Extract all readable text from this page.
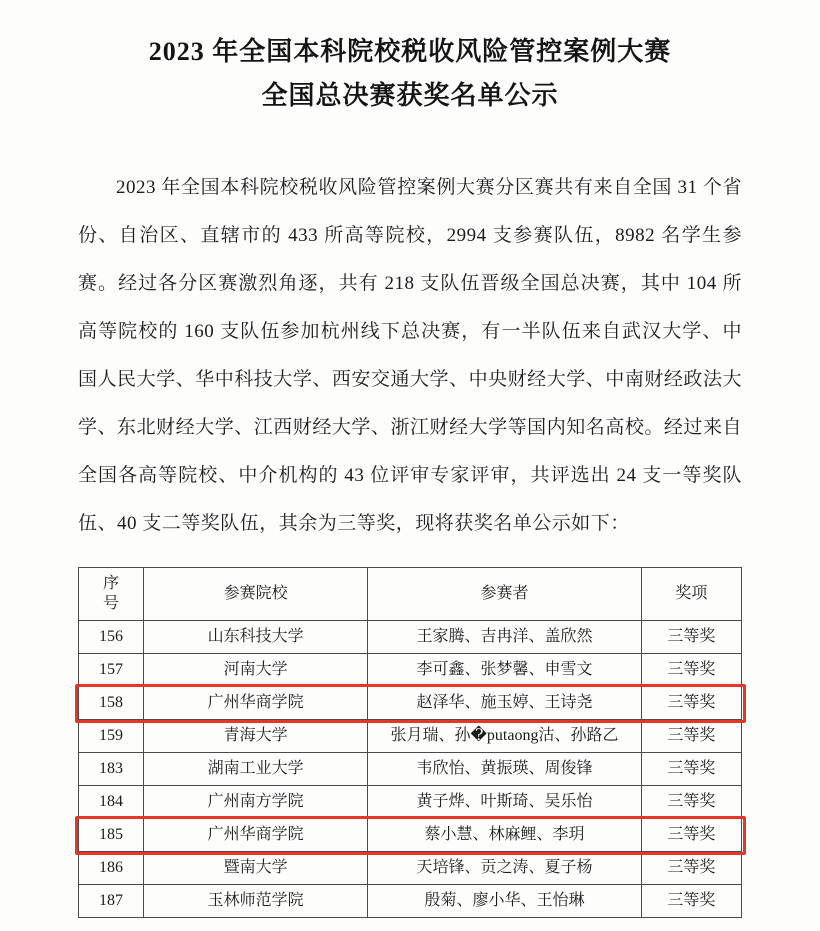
2023 年全国本科院校税收风险管控案例大赛
全国总决赛获奖名单公示

2023 年全国本科院校税收风险管控案例大赛分区赛共有来自全国 31 个省份、自治区、直辖市的 433 所高等院校，2994 支参赛队伍，8982 名学生参赛。经过各分区赛激烈角逐，共有 218 支队伍晋级全国总决赛，其中 104 所高等院校的 160 支队伍参加杭州线下总决赛，有一半队伍来自武汉大学、中国人民大学、华中科技大学、西安交通大学、中央财经大学、中南财经政法大学、东北财经大学、江西财经大学、浙江财经大学等国内知名高校。经过来自全国各高等院校、中介机构的 43 位评审专家评审，共评选出 24 支一等奖队伍、40 支二等奖队伍，其余为三等奖，现将获奖名单公示如下：

序
号	参赛院校	参赛者	奖项
156	山东科技大学	王家腾、吉冉洋、盖欣然	三等奖
157	河南大学	李可鑫、张梦馨、申雪文	三等奖
158	广州华商学院	赵泽华、施玉婷、王诗尧	三等奖
159	青海大学	张月瑞、孙�putaong沽、孙路乙	三等奖
183	湖南工业大学	韦欣怡、黄振瑛、周俊锋	三等奖
184	广州南方学院	黄子烨、叶斯琦、吴乐怡	三等奖
185	广州华商学院	蔡小慧、林麻鲤、李玥	三等奖
186	暨南大学	天培锋、贡之涛、夏子杨	三等奖
187	玉林师范学院	殷菊、廖小华、王怡琳	三等奖
